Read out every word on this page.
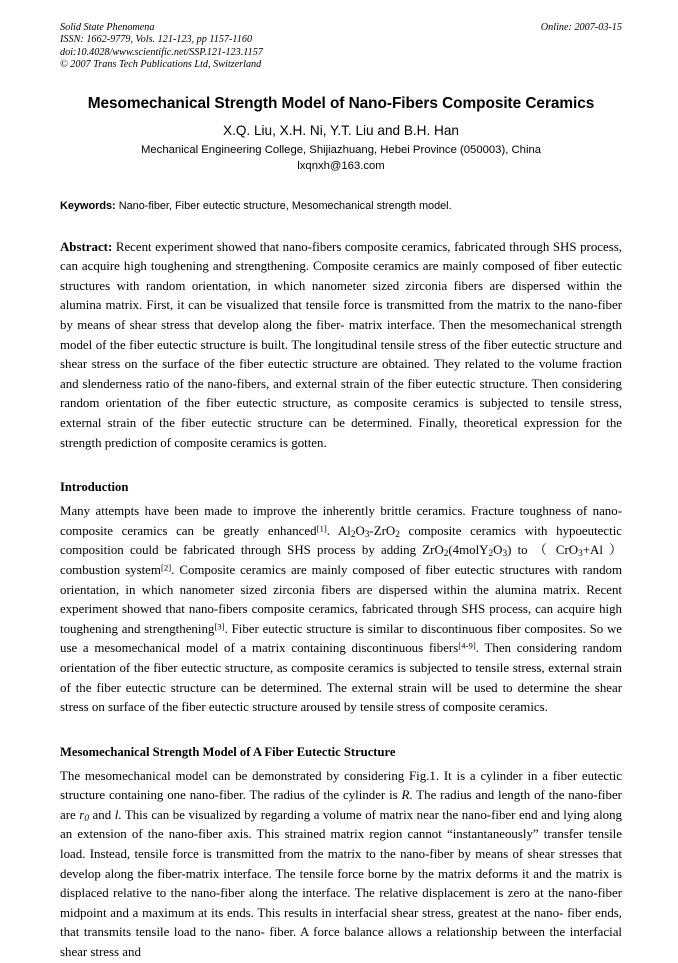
Online: 2007-03-15
Solid State Phenomena
ISSN: 1662-9779, Vols. 121-123, pp 1157-1160
doi:10.4028/www.scientific.net/SSP.121-123.1157
© 2007 Trans Tech Publications Ltd, Switzerland
Mesomechanical Strength Model of Nano-Fibers Composite Ceramics
X.Q. Liu, X.H. Ni, Y.T. Liu and B.H. Han
Mechanical Engineering College, Shijiazhuang, Hebei Province (050003), China
lxqnxh@163.com
Keywords: Nano-fiber, Fiber eutectic structure, Mesomechanical strength model.
Abstract: Recent experiment showed that nano-fibers composite ceramics, fabricated through SHS process, can acquire high toughening and strengthening. Composite ceramics are mainly composed of fiber eutectic structures with random orientation, in which nanometer sized zirconia fibers are dispersed within the alumina matrix. First, it can be visualized that tensile force is transmitted from the matrix to the nano-fiber by means of shear stress that develop along the fiber- matrix interface. Then the mesomechanical strength model of the fiber eutectic structure is built. The longitudinal tensile stress of the fiber eutectic structure and shear stress on the surface of the fiber eutectic structure are obtained. They related to the volume fraction and slenderness ratio of the nano-fibers, and external strain of the fiber eutectic structure. Then considering random orientation of the fiber eutectic structure, as composite ceramics is subjected to tensile stress, external strain of the fiber eutectic structure can be determined. Finally, theoretical expression for the strength prediction of composite ceramics is gotten.
Introduction
Many attempts have been made to improve the inherently brittle ceramics. Fracture toughness of nano-composite ceramics can be greatly enhanced[1]. $Al_2O_3-ZrO_2$ composite ceramics with hypoeutectic composition could be fabricated through SHS process by adding $ZrO_2(4molY_2O_3)$ to （ CrO$_3$+Al ） combustion system[2]. Composite ceramics are mainly composed of fiber eutectic structures with random orientation, in which nanometer sized zirconia fibers are dispersed within the alumina matrix. Recent experiment showed that nano-fibers composite ceramics, fabricated through SHS process, can acquire high toughening and strengthening[3]. Fiber eutectic structure is similar to discontinuous fiber composites. So we use a mesomechanical model of a matrix containing discontinuous fibers[4-9]. Then considering random orientation of the fiber eutectic structure, as composite ceramics is subjected to tensile stress, external strain of the fiber eutectic structure can be determined. The external strain will be used to determine the shear stress on surface of the fiber eutectic structure aroused by tensile stress of composite ceramics.
Mesomechanical Strength Model of A Fiber Eutectic Structure
The mesomechanical model can be demonstrated by considering Fig.1. It is a cylinder in a fiber eutectic structure containing one nano-fiber. The radius of the cylinder is R. The radius and length of the nano-fiber are $r_0$ and l. This can be visualized by regarding a volume of matrix near the nano-fiber end and lying along an extension of the nano-fiber axis. This strained matrix region cannot “instantaneously” transfer tensile load. Instead, tensile force is transmitted from the matrix to the nano-fiber by means of shear stresses that develop along the fiber-matrix interface. The tensile force borne by the matrix deforms it and the matrix is displaced relative to the nano-fiber along the interface. The relative displacement is zero at the nano-fiber midpoint and a maximum at its ends. This results in interfacial shear stress, greatest at the nano- fiber ends, that transmits tensile load to the nano- fiber. A force balance allows a relationship between the interfacial shear stress and
